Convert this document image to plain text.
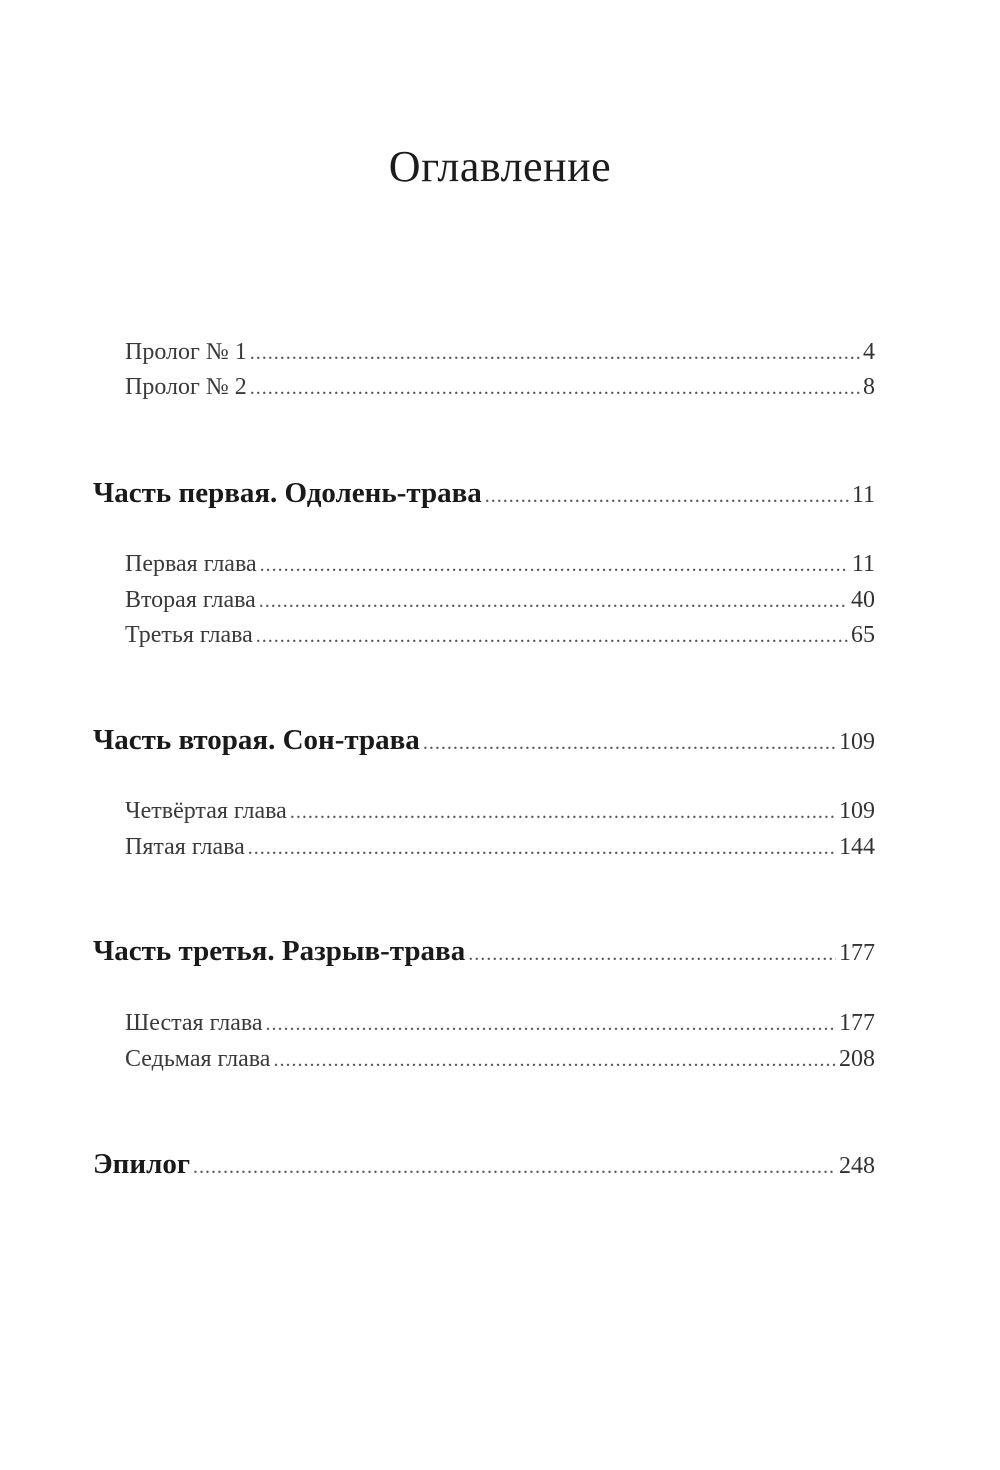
Оглавление
Пролог № 1 .....	4
Пролог № 2 .....	8
Часть первая. Одолень-трава .....	11
Первая глава .....	11
Вторая глава .....	40
Третья глава .....	65
Часть вторая. Сон-трава .....	109
Четвёртая глава .....	109
Пятая глава .....	144
Часть третья. Разрыв-трава .....	177
Шестая глава .....	177
Седьмая глава .....	208
Эпилог .....	248
